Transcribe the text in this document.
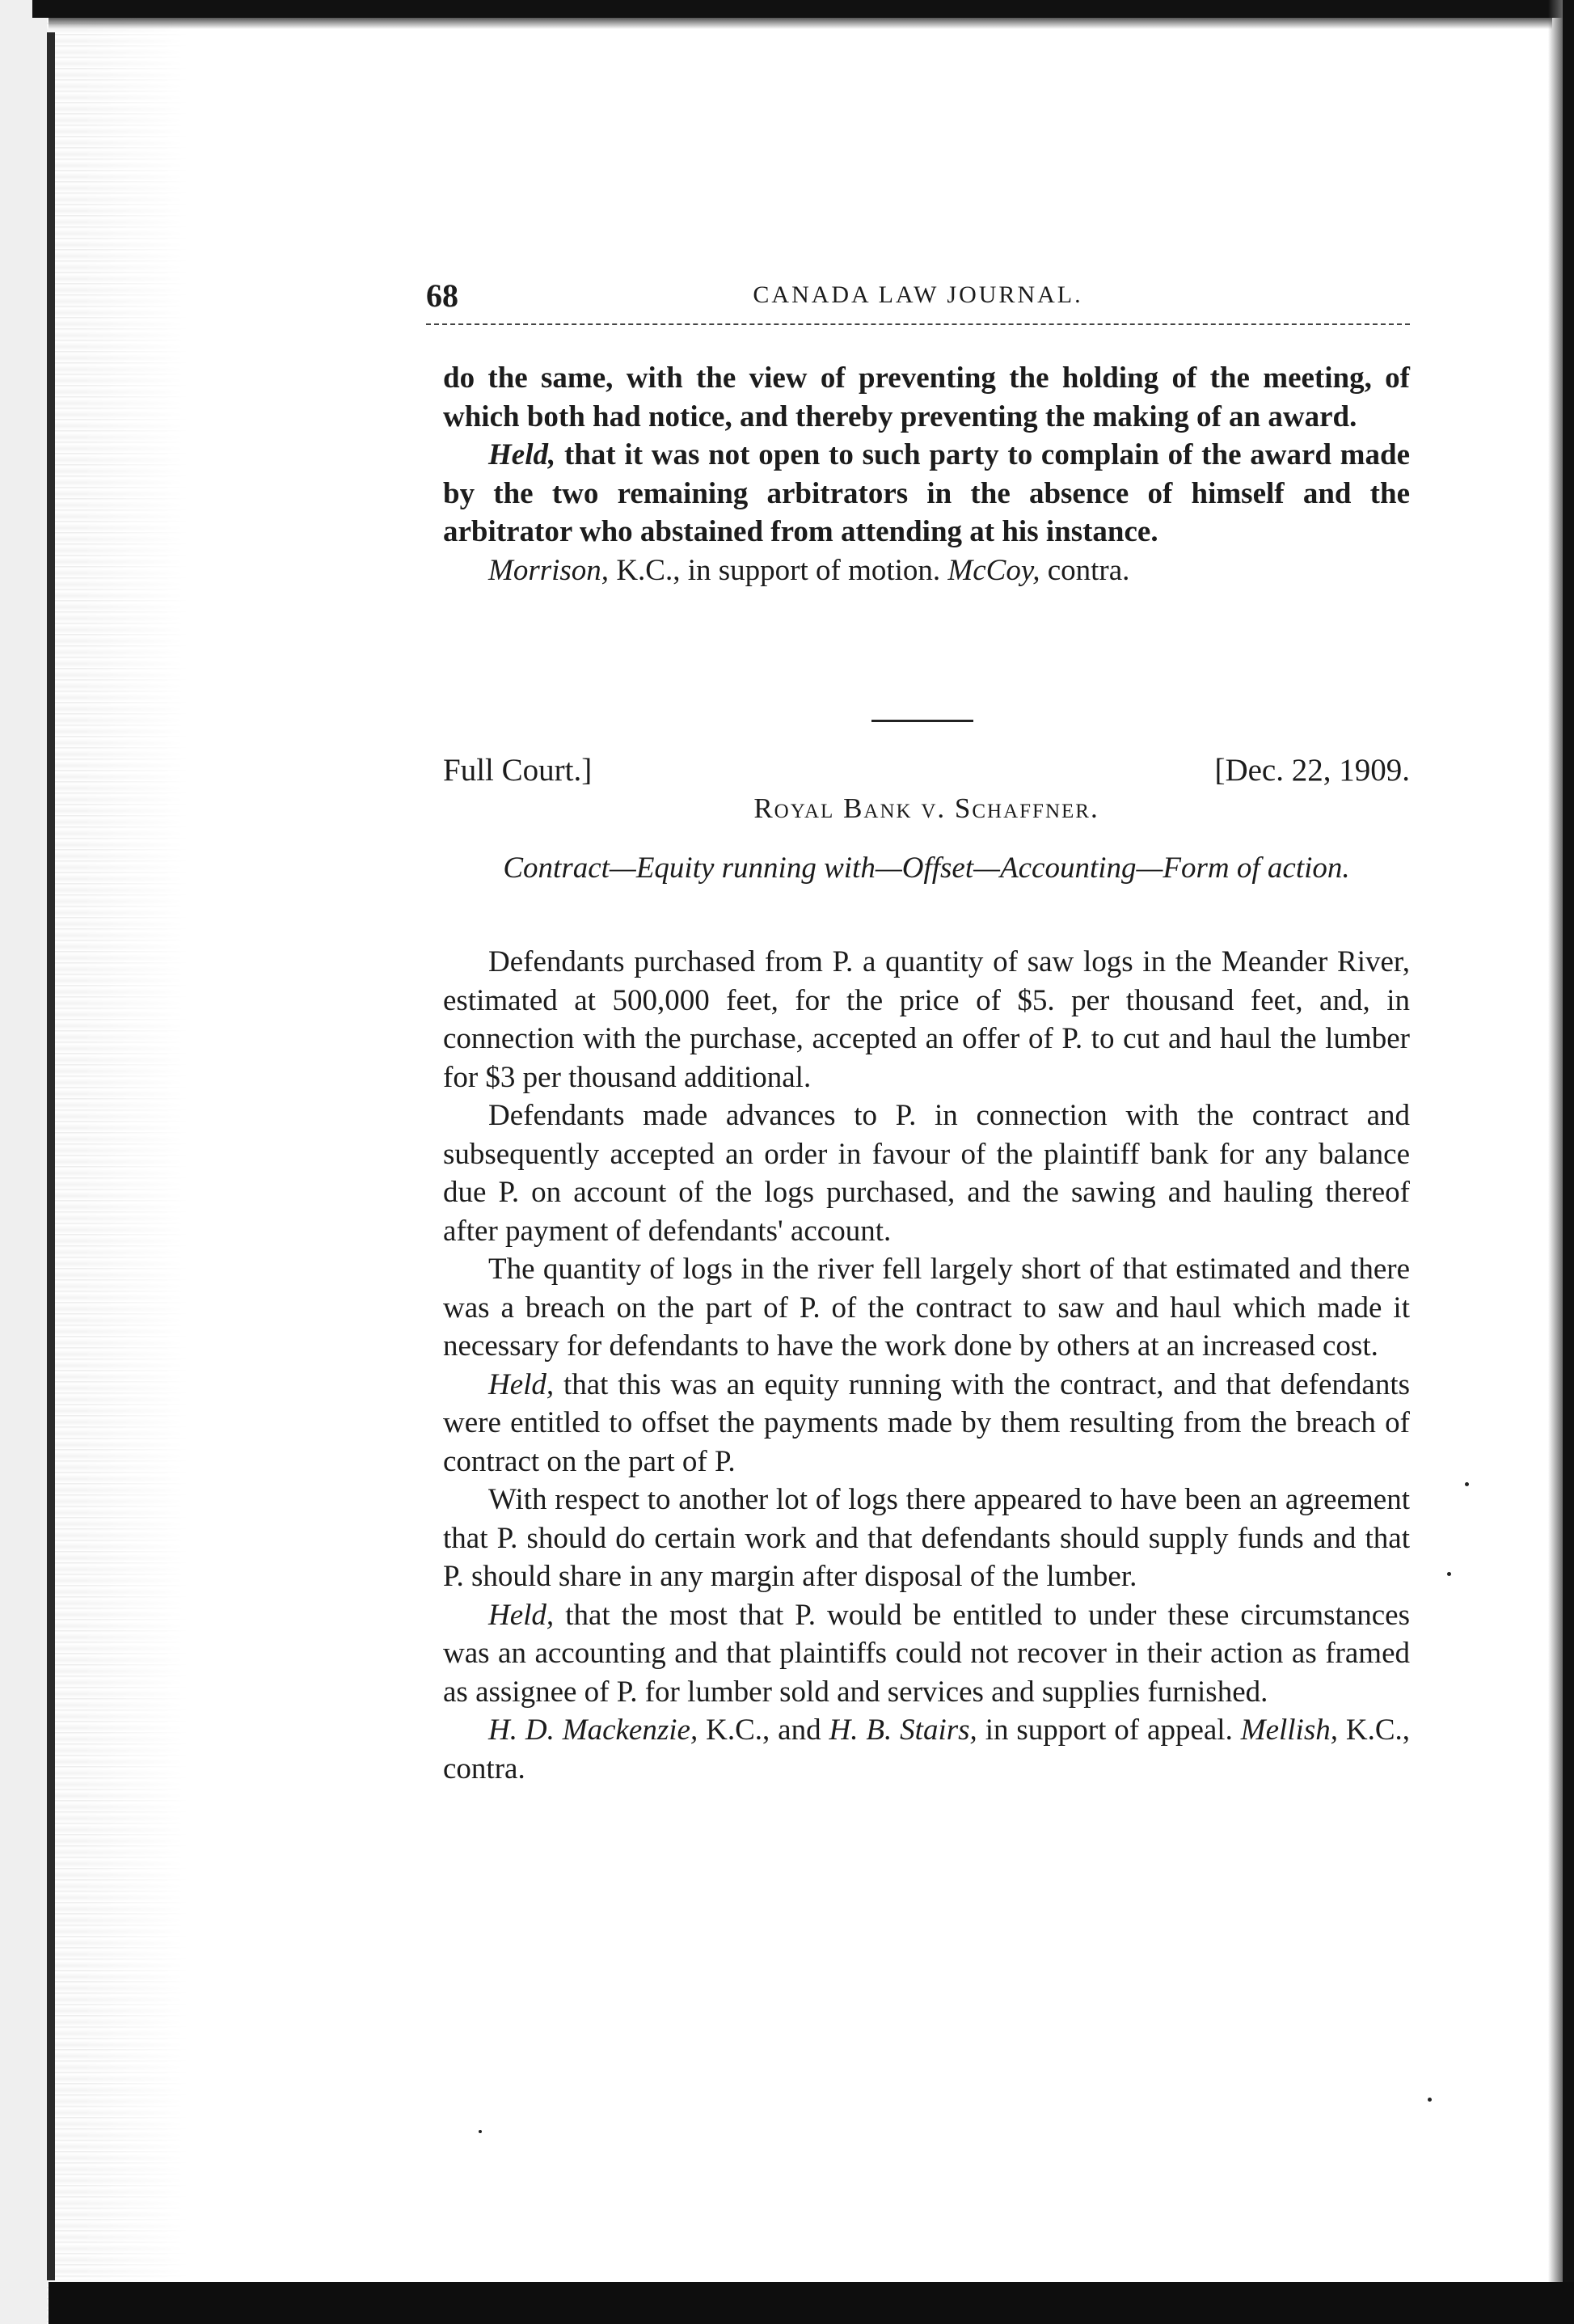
68	CANADA LAW JOURNAL.

do the same, with the view of preventing the holding of the meeting, of which both had notice, and thereby preventing the making of an award.

Held, that it was not open to such party to complain of the award made by the two remaining arbitrators in the absence of himself and the arbitrator who abstained from attending at his instance.

Morrison, K.C., in support of motion. McCoy, contra.

Full Court.]	[Dec. 22, 1909.
Royal Bank v. Schaffner.
Contract—Equity running with—Offset—Accounting—Form of action.

Defendants purchased from P. a quantity of saw logs in the Meander River, estimated at 500,000 feet, for the price of $5. per thousand feet, and, in connection with the purchase, accepted an offer of P. to cut and haul the lumber for $3 per thousand additional.

Defendants made advances to P. in connection with the contract and subsequently accepted an order in favour of the plaintiff bank for any balance due P. on account of the logs purchased, and the sawing and hauling thereof after payment of defendants' account.

The quantity of logs in the river fell largely short of that estimated and there was a breach on the part of P. of the contract to saw and haul which made it necessary for defendants to have the work done by others at an increased cost.

Held, that this was an equity running with the contract, and that defendants were entitled to offset the payments made by them resulting from the breach of contract on the part of P.

With respect to another lot of logs there appeared to have been an agreement that P. should do certain work and that defendants should supply funds and that P. should share in any margin after disposal of the lumber.

Held, that the most that P. would be entitled to under these circumstances was an accounting and that plaintiffs could not recover in their action as framed as assignee of P. for lumber sold and services and supplies furnished.

H. D. Mackenzie, K.C., and H. B. Stairs, in support of appeal. Mellish, K.C., contra.
